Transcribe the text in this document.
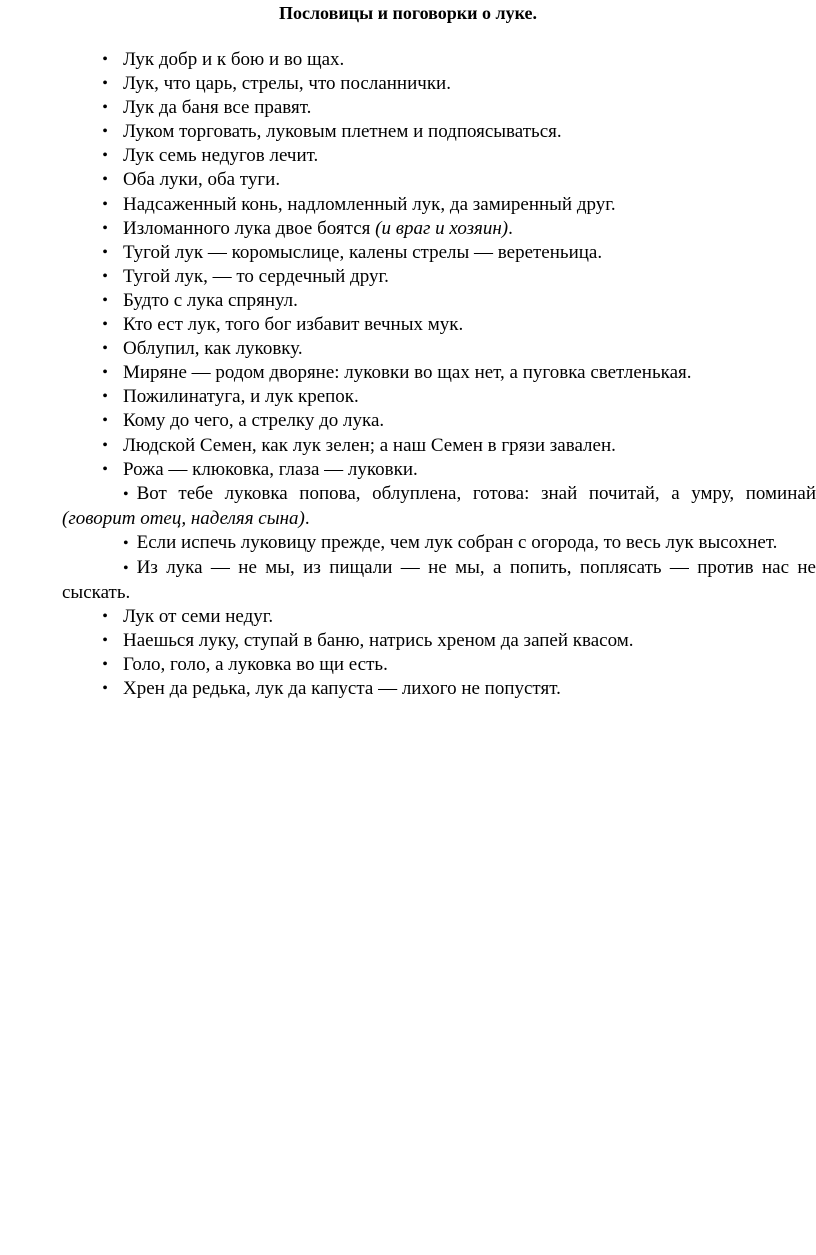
Пословицы и поговорки о луке.
• Лук добр и к бою и во щах.
• Лук, что царь, стрелы, что посланнички.
• Лук да баня все правят.
• Луком торговать, луковым плетнем и подпоясываться.
• Лук семь недугов лечит.
• Оба луки, оба туги.
• Надсаженный конь, надломленный лук, да замиренный друг.
• Изломанного лука двое боятся (и враг и хозяин).
• Тугой лук — коромыслице, калены стрелы — веретеньица.
• Тугой лук, — то сердечный друг.
• Будто с лука спрянул.
• Кто ест лук, того бог избавит вечных мук.
• Облупил, как луковку.
• Миряне — родом дворяне: луковки во щах нет, а пуговка светленькая.
• Пожилинатуга, и лук крепок.
• Кому до чего, а стрелку до лука.
• Людской Семен, как лук зелен; а наш Семен в грязи завален.
• Рожа — клюковка, глаза — луковки.
• Вот тебе луковка попова, облуплена, готова: знай почитай, а умру, поминай (говорит отец, наделяя сына).
• Если испечь луковицу прежде, чем лук собран с огорода, то весь лук высохнет.
• Из лука — не мы, из пищали — не мы, а попить, поплясать — против нас не сыскать.
• Лук от семи недуг.
• Наешься луку, ступай в баню, натрись хреном да запей квасом.
• Голо, голо, а луковка во щи есть.
• Хрен да редька, лук да капуста — лихого не попустят.
